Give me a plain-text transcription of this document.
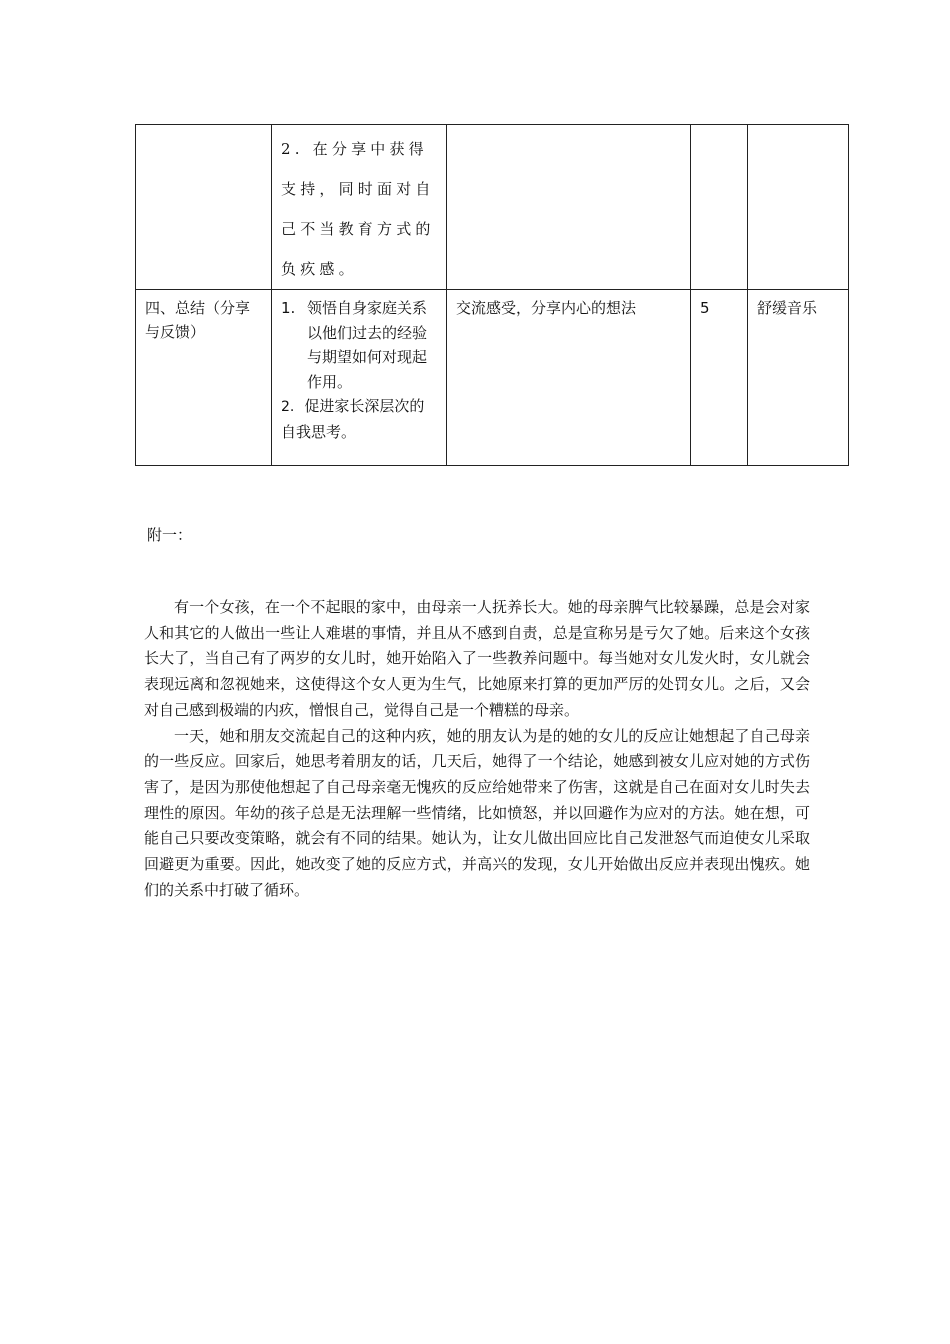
	2. 在分享中获得支持，同时面对自己不当教育方式的负疚感。			

四、总结（分享与反馈）	1. 领悟自身家庭关系以他们过去的经验与期望如何对现起作用。
2. 促进家长深层次的自我思考。	交流感受，分享内心的想法	5	舒缓音乐
附一：

有一个女孩，在一个不起眼的家中，由母亲一人抚养长大。她的母亲脾气比较暴躁，总是会对家人和其它的人做出一些让人难堪的事情，并且从不感到自责，总是宣称另是亏欠了她。后来这个女孩长大了，当自己有了两岁的女儿时，她开始陷入了一些教养问题中。每当她对女儿发火时，女儿就会表现远离和忽视她来，这使得这个女人更为生气，比她原来打算的更加严厉的处罚女儿。之后，又会对自己感到极端的内疚，憎恨自己，觉得自己是一个糟糕的母亲。

一天，她和朋友交流起自己的这种内疚，她的朋友认为是的她的女儿的反应让她想起了自己母亲的一些反应。回家后，她思考着朋友的话，几天后，她得了一个结论，她感到被女儿应对她的方式伤害了，是因为那使他想起了自己母亲毫无愧疚的反应给她带来了伤害，这就是自己在面对女儿时失去理性的原因。年幼的孩子总是无法理解一些情绪，比如愤怒，并以回避作为应对的方法。她在想，可能自己只要改变策略，就会有不同的结果。她认为，让女儿做出回应比自己发泄怒气而迫使女儿采取回避更为重要。因此，她改变了她的反应方式，并高兴的发现，女儿开始做出反应并表现出愧疚。她们的关系中打破了循环。
